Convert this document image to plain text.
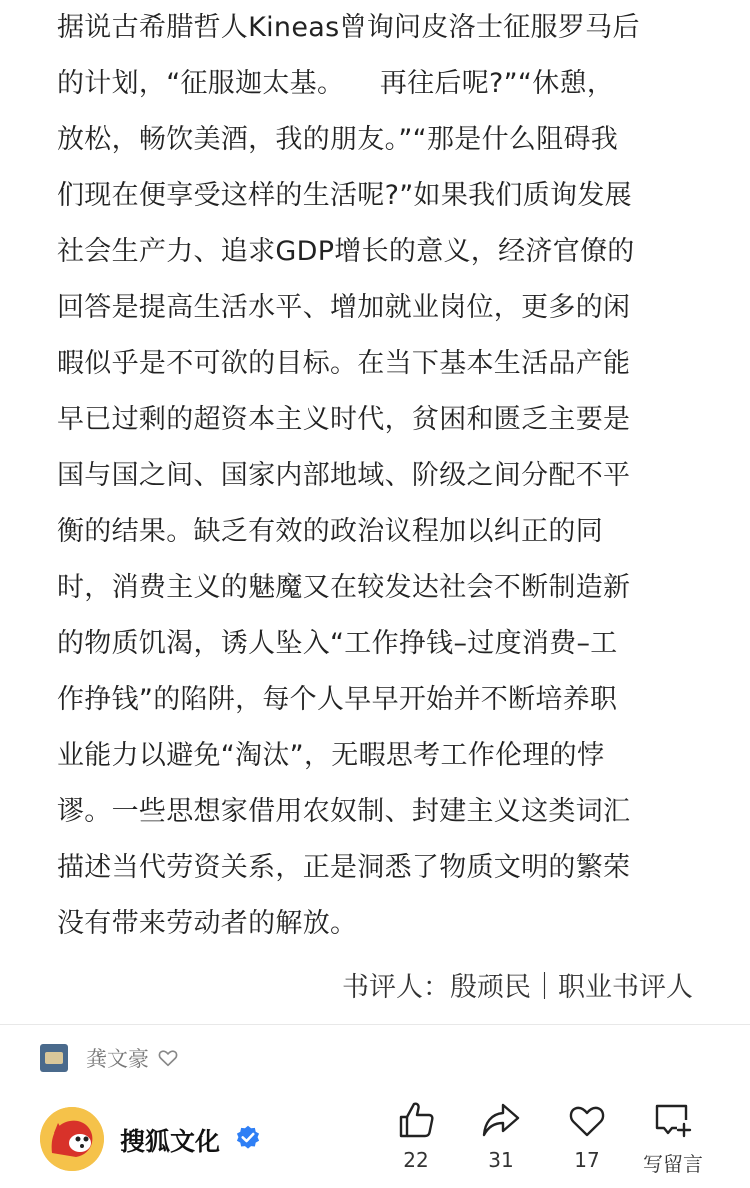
据说古希腊哲人Kineas曾询问皮洛士征服罗马后

的计划，“征服迦太基。    再往后呢?”“休憩，

放松，畅饮美酒，我的朋友。”“那是什么阻碍我

们现在便享受这样的生活呢?”如果我们质询发展

社会生产力、追求GDP增长的意义，经济官僚的

回答是提高生活水平、增加就业岗位，更多的闲

暇似乎是不可欲的目标。在当下基本生活品产能

早已过剩的超资本主义时代，贫困和匮乏主要是

国与国之间、国家内部地域、阶级之间分配不平

衡的结果。缺乏有效的政治议程加以纠正的同

时，消费主义的魅魔又在较发达社会不断制造新

的物质饥渴，诱人坠入“工作挣钱–过度消费–工

作挣钱”的陷阱，每个人早早开始并不断培养职

业能力以避免“淘汰”，无暇思考工作伦理的悖

谬。一些思想家借用农奴制、封建主义这类词汇

描述当代劳资关系，正是洞悉了物质文明的繁荣

没有带来劳动者的解放。

书评人：殷顽民｜职业书评人
龚文豪
搜狐文化
22	31	17	写留言
